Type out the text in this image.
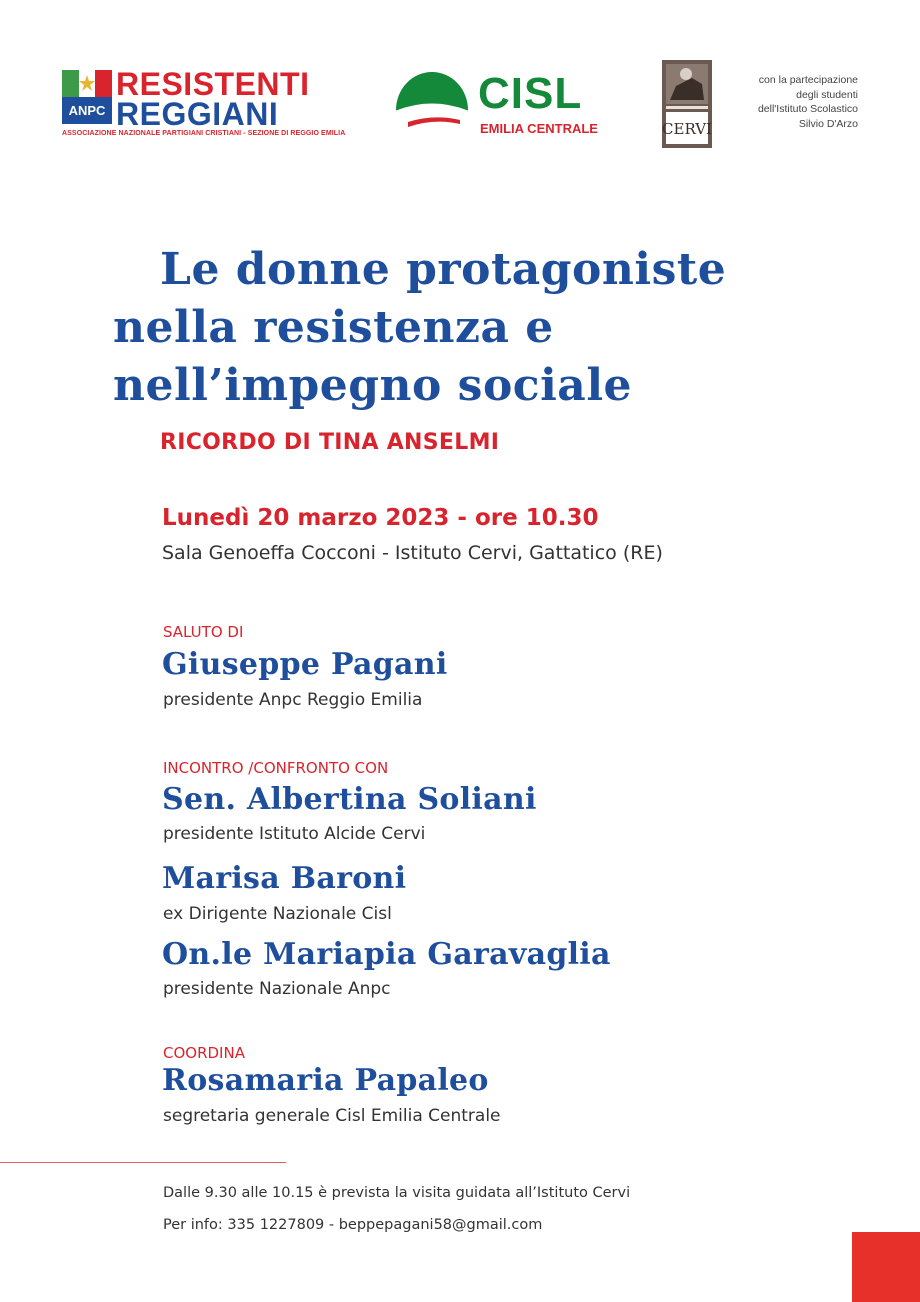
ANPC
RESISTENTI
REGGIANI
ASSOCIAZIONE NAZIONALE PARTIGIANI CRISTIANI - SEZIONE DI REGGIO EMILIA
CISL
EMILIA CENTRALE	CERVI
con la partecipazione
degli studenti
dell'Istituto Scolastico
Silvio D'Arzo
Le donne protagoniste
nella resistenza e
nell’impegno sociale
RICORDO DI TINA ANSELMI
Lunedì 20 marzo 2023 - ore 10.30
Sala Genoeffa Cocconi - Istituto Cervi, Gattatico (RE)
SALUTO DI
Giuseppe Pagani
presidente Anpc Reggio Emilia
INCONTRO /CONFRONTO CON
Sen. Albertina Soliani
presidente Istituto Alcide Cervi
Marisa Baroni
ex Dirigente Nazionale Cisl
On.le Mariapia Garavaglia
presidente Nazionale Anpc
COORDINA
Rosamaria Papaleo
segretaria generale Cisl Emilia Centrale
Dalle 9.30 alle 10.15 è prevista la visita guidata all’Istituto Cervi
Per info: 335 1227809 - beppepagani58@gmail.com
